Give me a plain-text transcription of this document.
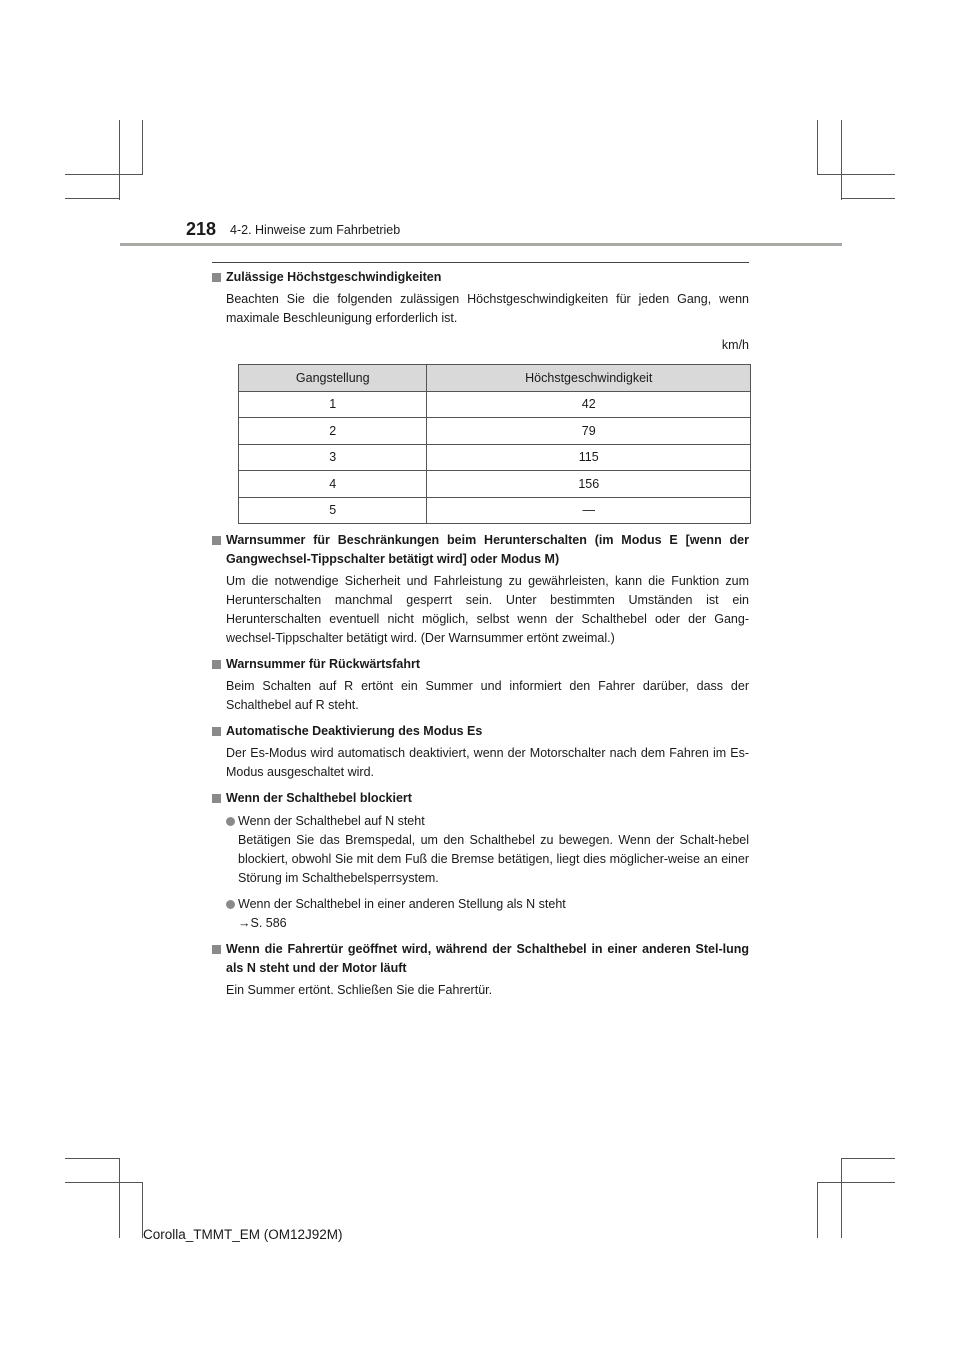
218 4-2. Hinweise zum Fahrbetrieb
Zulässige Höchstgeschwindigkeiten
Beachten Sie die folgenden zulässigen Höchstgeschwindigkeiten für jeden Gang, wenn maximale Beschleunigung erforderlich ist.
km/h
Gangstellung	Höchstgeschwindigkeit
1	42
2	79
3	115
4	156
5	—
Warnsummer für Beschränkungen beim Herunterschalten (im Modus E [wenn der Gangwechsel-Tippschalter betätigt wird] oder Modus M)
Um die notwendige Sicherheit und Fahrleistung zu gewährleisten, kann die Funktion zum Herunterschalten manchmal gesperrt sein. Unter bestimmten Umständen ist ein Herunterschalten eventuell nicht möglich, selbst wenn der Schalthebel oder der Gang-wechsel-Tippschalter betätigt wird. (Der Warnsummer ertönt zweimal.)
Warnsummer für Rückwärtsfahrt
Beim Schalten auf R ertönt ein Summer und informiert den Fahrer darüber, dass der Schalthebel auf R steht.
Automatische Deaktivierung des Modus Es
Der Es-Modus wird automatisch deaktiviert, wenn der Motorschalter nach dem Fahren im Es-Modus ausgeschaltet wird.
Wenn der Schalthebel blockiert
Wenn der Schalthebel auf N steht
Betätigen Sie das Bremspedal, um den Schalthebel zu bewegen. Wenn der Schalt-hebel blockiert, obwohl Sie mit dem Fuß die Bremse betätigen, liegt dies möglicher-weise an einer Störung im Schalthebelsperrsystem.
Wenn der Schalthebel in einer anderen Stellung als N steht
→S. 586
Wenn die Fahrertür geöffnet wird, während der Schalthebel in einer anderen Stel-lung als N steht und der Motor läuft
Ein Summer ertönt. Schließen Sie die Fahrertür.
Corolla_TMMT_EM (OM12J92M)
